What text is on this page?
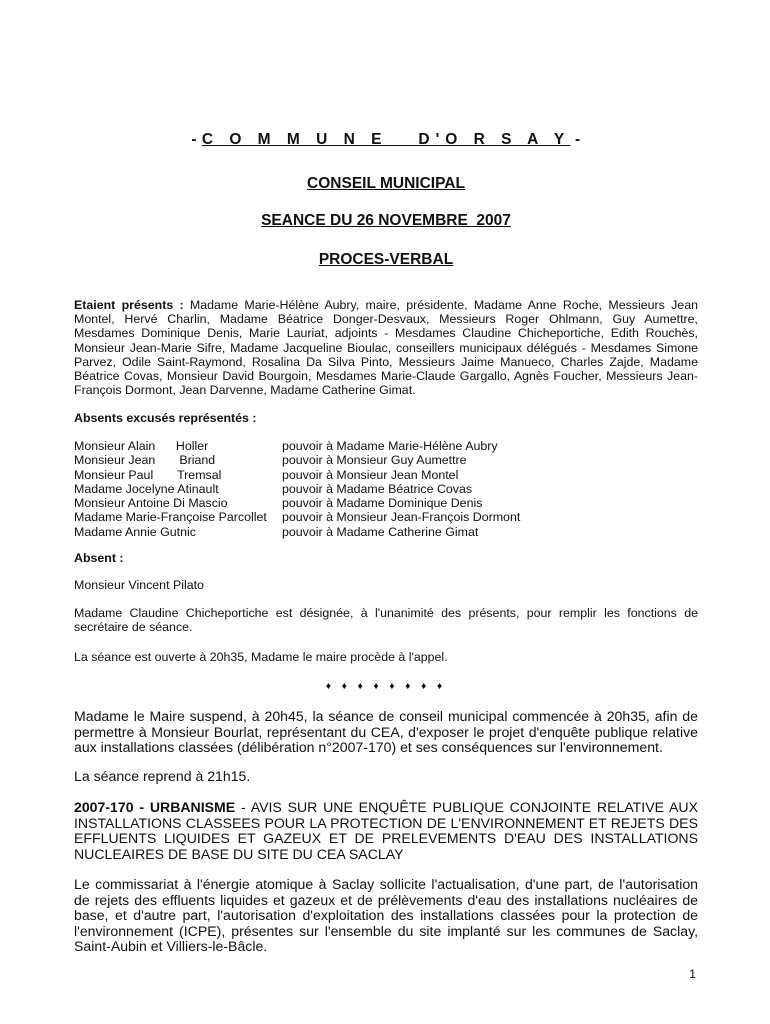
- C O M M U N E   D'O R S A Y -
CONSEIL MUNICIPAL
SEANCE DU 26 NOVEMBRE  2007
PROCES-VERBAL
Etaient présents : Madame Marie-Hélène Aubry, maire, présidente, Madame Anne Roche, Messieurs Jean Montel, Hervé Charlin, Madame Béatrice Donger-Desvaux, Messieurs Roger Ohlmann, Guy Aumettre, Mesdames Dominique Denis, Marie Lauriat, adjoints - Mesdames Claudine Chicheportiche, Edith Rouchès, Monsieur Jean-Marie Sifre, Madame Jacqueline Bioulac, conseillers municipaux délégués - Mesdames Simone Parvez, Odile Saint-Raymond, Rosalina Da Silva Pinto, Messieurs Jaime Manueco, Charles Zajde, Madame Béatrice Covas, Monsieur David Bourgoin, Mesdames Marie-Claude Gargallo, Agnès Foucher, Messieurs Jean-François Dormont, Jean Darvenne, Madame Catherine Gimat.
Absents excusés représentés :
Monsieur Alain      Holler	pouvoir à Madame Marie-Hélène Aubry
Monsieur Jean       Briand	pouvoir à Monsieur Guy Aumettre
Monsieur Paul       Tremsal	pouvoir à Monsieur Jean Montel
Madame Jocelyne Atinault	pouvoir à Madame Béatrice Covas
Monsieur Antoine Di Mascio	pouvoir à Madame Dominique Denis
Madame Marie-Françoise Parcollet	pouvoir à Monsieur Jean-François Dormont
Madame Annie Gutnic	pouvoir à Madame Catherine Gimat
Absent :
Monsieur Vincent Pilato
Madame Claudine Chicheportiche est désignée, à l'unanimité des présents, pour remplir les fonctions de secrétaire de séance.
La séance est ouverte à 20h35, Madame le maire procède à l'appel.
♦ ♦ ♦ ♦ ♦ ♦ ♦ ♦
Madame le Maire suspend, à 20h45, la séance de conseil municipal commencée à 20h35, afin de permettre à Monsieur Bourlat, représentant du CEA, d'exposer le projet d'enquête publique relative aux installations classées (délibération n°2007-170) et ses conséquences sur l'environnement.
La séance reprend à 21h15.
2007-170 - URBANISME - AVIS SUR UNE ENQUÊTE PUBLIQUE CONJOINTE RELATIVE AUX INSTALLATIONS CLASSEES POUR LA PROTECTION DE L'ENVIRONNEMENT ET REJETS DES EFFLUENTS LIQUIDES ET GAZEUX ET DE PRELEVEMENTS D'EAU DES INSTALLATIONS NUCLEAIRES DE BASE DU SITE DU CEA SACLAY
Le commissariat à l'énergie atomique à Saclay sollicite l'actualisation, d'une part, de l'autorisation de rejets des effluents liquides et gazeux et de prélèvements d'eau des installations nucléaires de base, et d'autre part, l'autorisation d'exploitation des installations classées pour la protection de l'environnement (ICPE), présentes sur l'ensemble du site implanté sur les communes de Saclay, Saint-Aubin et Villiers-le-Bâcle.
1
